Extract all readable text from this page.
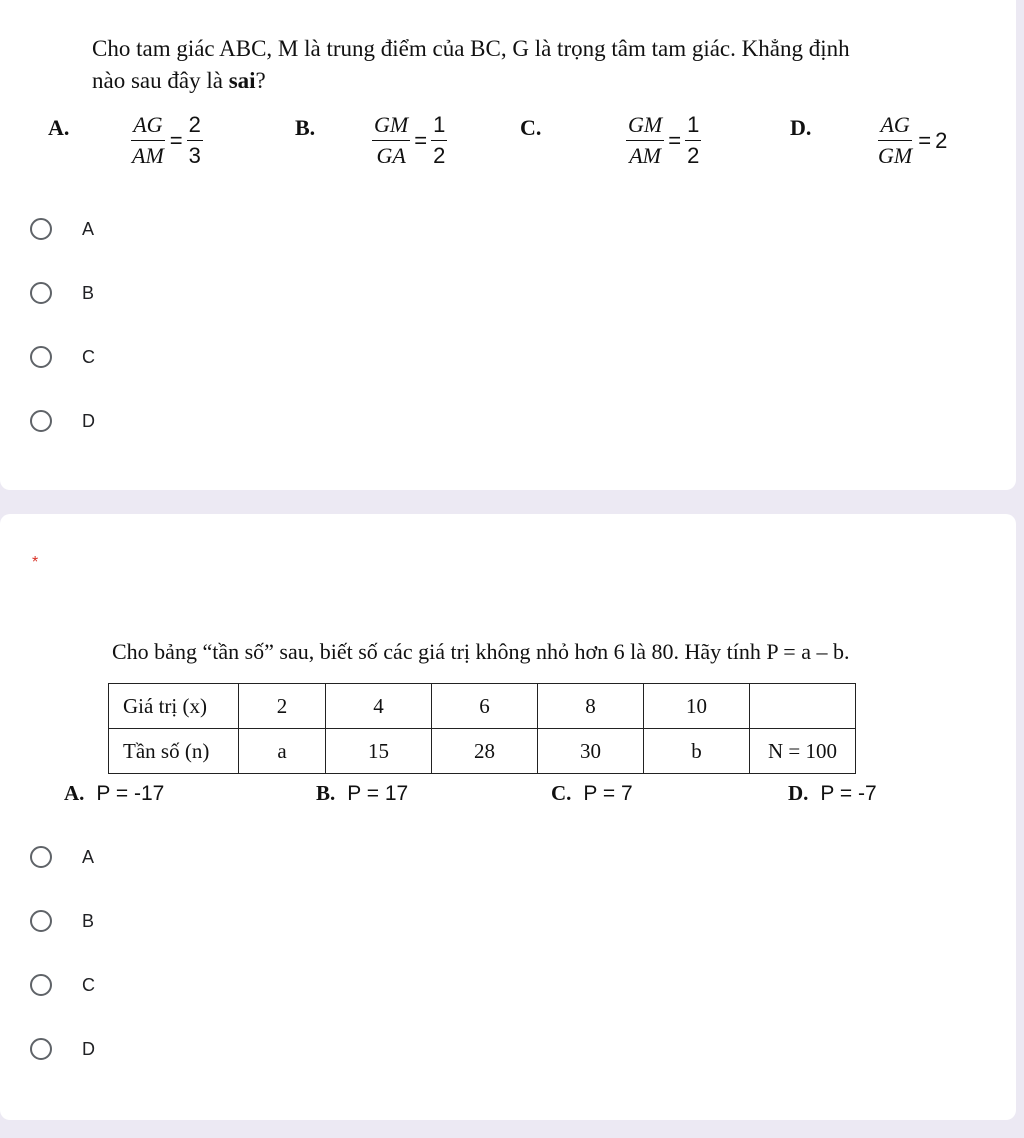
Cho tam giác ABC, M là trung điểm của BC, G là trọng tâm tam giác. Khẳng định
nào sau đây là sai?
A.	$\frac{AG}{AM} = \frac{2}{3}$	B.	$\frac{GM}{GA} = \frac{1}{2}$	C.	$\frac{GM}{AM} = \frac{1}{2}$	D.	$\frac{AG}{GM} = 2$
A
B
C
D
*
Cho bảng “tần số” sau, biết số các giá trị không nhỏ hơn 6 là 80. Hãy tính P = a – b.
Giá trị (x)	2	4	6	8	10	
Tần số (n)	a	15	28	30	b	N = 100
A. P = -17	B. P = 17	C. P = 7	D. P = -7
A
B
C
D
